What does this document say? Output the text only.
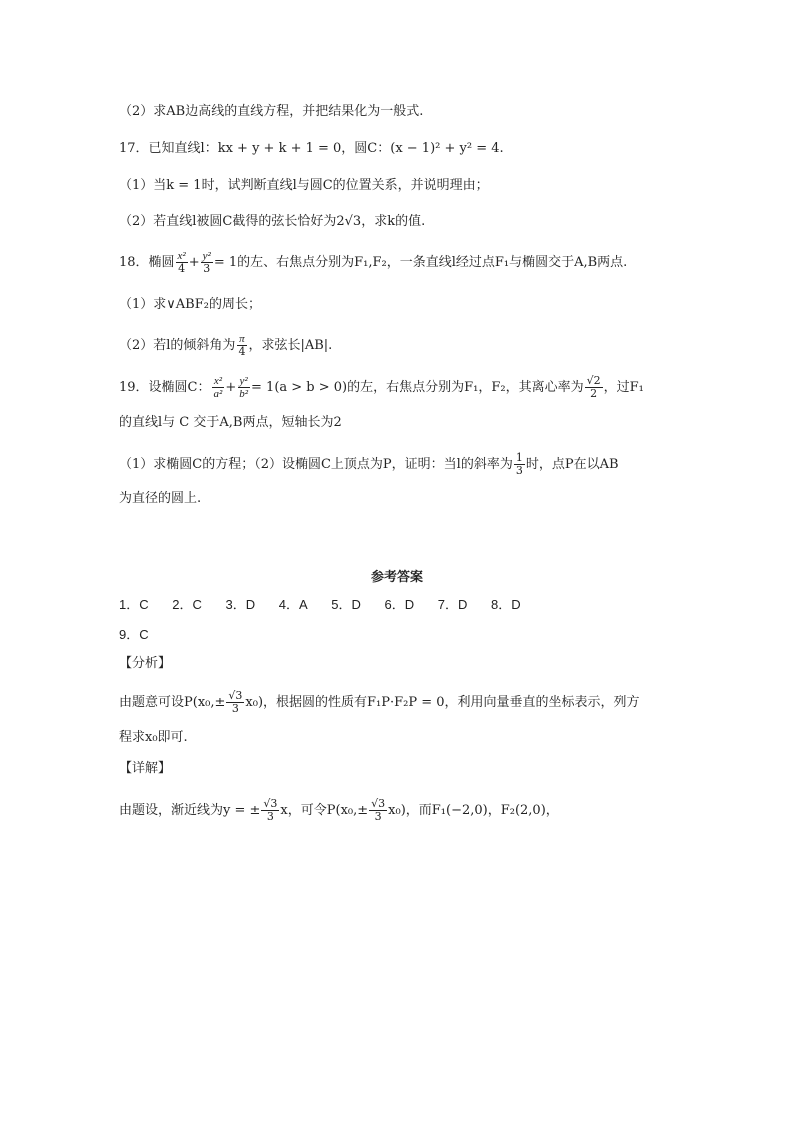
（2）求AB边高线的直线方程，并把结果化为一般式.
17．已知直线l：kx + y + k + 1 = 0，圆C：(x − 1)² + y² = 4.
（1）当k = 1时，试判断直线l与圆C的位置关系，并说明理由；
（2）若直线l被圆C截得的弦长恰好为2√3，求k的值.
18．椭圆 $\frac{\text{x²}}{4} + \frac{\text{y²}}{3} = 1$的左、右焦点分别为F₁,F₂，一条直线l经过点F₁与椭圆交于A,B两点.
（1）求∨ABF₂的周长；
（2）若l的倾斜角为 $\frac{\pi}{4}$ ，求弦长|AB|.
19．设椭圆C： $\frac{\text{x²}}{\text{a²}} + \frac{\text{y²}}{\text{b²}} = 1(a > b > 0)$的左，右焦点分别为F₁，F₂，其离心率为 $\frac{√2}{2}$ ，过F₁
的直线l与 C 交于A,B两点，短轴长为2
（1）求椭圆C的方程；（2）设椭圆C上顶点为P，证明：当l的斜率为 $\frac{1}{3}$ 时，点P在以AB
为直径的圆上.
参考答案
1．C 2．C 3．D 4．A 5．D 6．D 7．D 8．D
9．C
【分析】
由题意可设$P(x_0,\pm \frac{√3}{3} x_0)$，根据圆的性质有F₁P·F₂P = 0，利用向量垂直的坐标表示，列方
程求x₀即可.
【详解】
由题设，渐近线为y = ± $\frac{√3}{3}$ x，可令$P(x_0,\pm \frac{√3}{3} x_0)$，而F₁(−2,0)，F₂(2,0)，
